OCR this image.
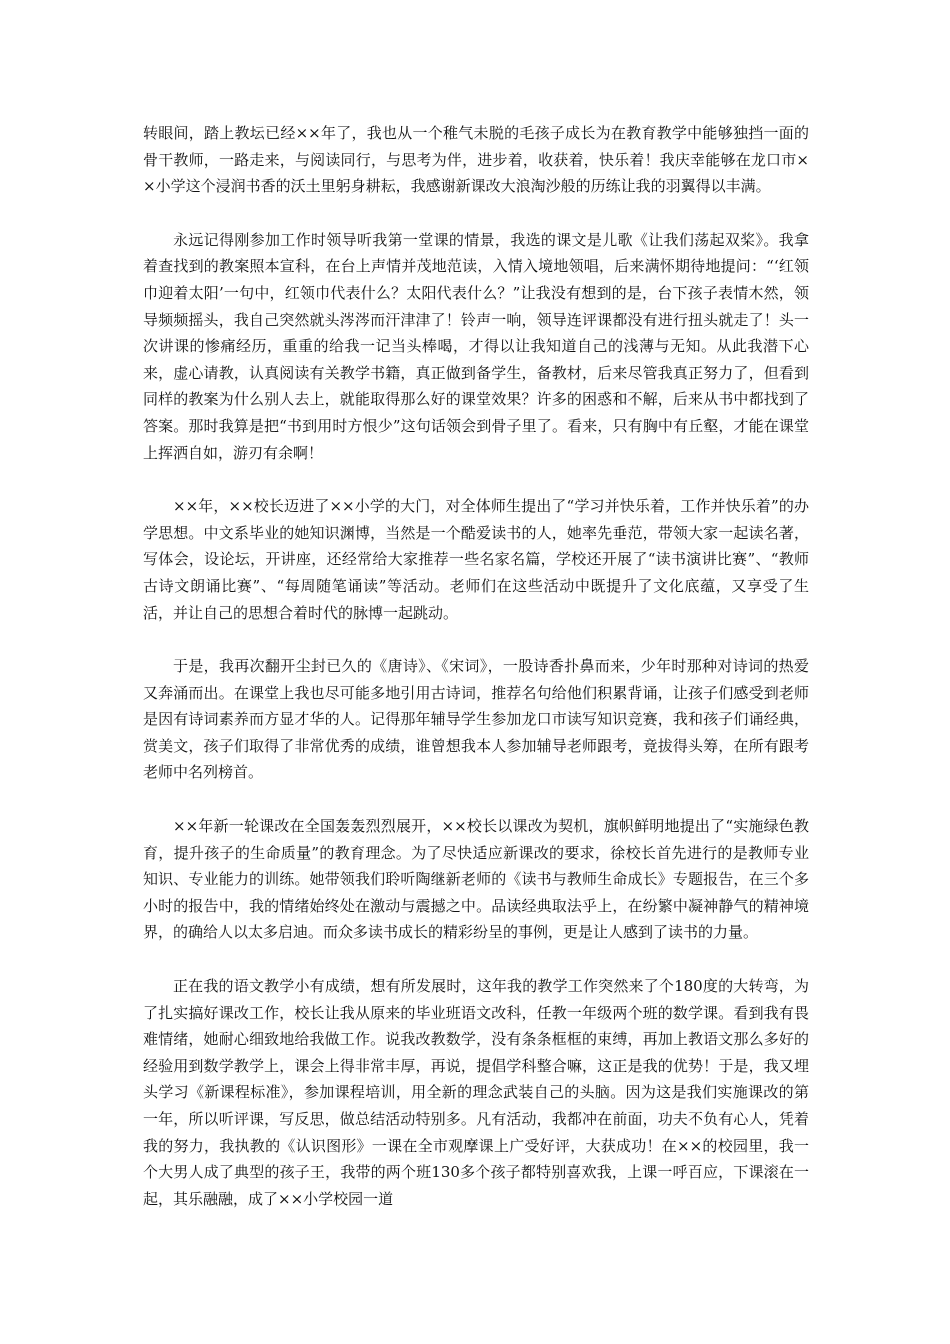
转眼间，踏上教坛已经××年了，我也从一个稚气未脱的毛孩子成长为在教育教学中能够独挡一面的骨干教师，一路走来，与阅读同行，与思考为伴，进步着，收获着，快乐着！我庆幸能够在龙口市××小学这个浸润书香的沃土里躬身耕耘，我感谢新课改大浪淘沙般的历练让我的羽翼得以丰满。

永远记得刚参加工作时领导听我第一堂课的情景，我选的课文是儿歌《让我们荡起双桨》。我拿着查找到的教案照本宣科，在台上声情并茂地范读，入情入境地领唱，后来满怀期待地提问：“‘红领巾迎着太阳’一句中，红领巾代表什么？太阳代表什么？”让我没有想到的是，台下孩子表情木然，领导频频摇头，我自己突然就头涔涔而汗津津了！铃声一响，领导连评课都没有进行扭头就走了！头一次讲课的惨痛经历，重重的给我一记当头棒喝，才得以让我知道自己的浅薄与无知。从此我潜下心来，虚心请教，认真阅读有关教学书籍，真正做到备学生，备教材，后来尽管我真正努力了，但看到同样的教案为什么别人去上，就能取得那么好的课堂效果？许多的困惑和不解，后来从书中都找到了答案。那时我算是把“书到用时方恨少”这句话领会到骨子里了。看来，只有胸中有丘壑，才能在课堂上挥洒自如，游刃有余啊！

××年，××校长迈进了××小学的大门，对全体师生提出了“学习并快乐着，工作并快乐着”的办学思想。中文系毕业的她知识渊博，当然是一个酷爱读书的人，她率先垂范，带领大家一起读名著，写体会，设论坛，开讲座，还经常给大家推荐一些名家名篇，学校还开展了“读书演讲比赛”、“教师古诗文朗诵比赛”、“每周随笔诵读”等活动。老师们在这些活动中既提升了文化底蕴，又享受了生活，并让自己的思想合着时代的脉博一起跳动。

于是，我再次翻开尘封已久的《唐诗》、《宋词》，一股诗香扑鼻而来，少年时那种对诗词的热爱又奔涌而出。在课堂上我也尽可能多地引用古诗词，推荐名句给他们积累背诵，让孩子们感受到老师是因有诗词素养而方显才华的人。记得那年辅导学生参加龙口市读写知识竞赛，我和孩子们诵经典，赏美文，孩子们取得了非常优秀的成绩，谁曾想我本人参加辅导老师跟考，竟拔得头筹，在所有跟考老师中名列榜首。

××年新一轮课改在全国轰轰烈烈展开，××校长以课改为契机，旗帜鲜明地提出了“实施绿色教育，提升孩子的生命质量”的教育理念。为了尽快适应新课改的要求，徐校长首先进行的是教师专业知识、专业能力的训练。她带领我们聆听陶继新老师的《读书与教师生命成长》专题报告，在三个多小时的报告中，我的情绪始终处在激动与震撼之中。品读经典取法乎上，在纷繁中凝神静气的精神境界，的确给人以太多启迪。而众多读书成长的精彩纷呈的事例，更是让人感到了读书的力量。

正在我的语文教学小有成绩，想有所发展时，这年我的教学工作突然来了个180度的大转弯，为了扎实搞好课改工作，校长让我从原来的毕业班语文改科，任教一年级两个班的数学课。看到我有畏难情绪，她耐心细致地给我做工作。说我改教数学，没有条条框框的束缚，再加上教语文那么多好的经验用到数学教学上，课会上得非常丰厚，再说，提倡学科整合嘛，这正是我的优势！于是，我又埋头学习《新课程标准》，参加课程培训，用全新的理念武装自己的头脑。因为这是我们实施课改的第一年，所以听评课，写反思，做总结活动特别多。凡有活动，我都冲在前面，功夫不负有心人，凭着我的努力，我执教的《认识图形》一课在全市观摩课上广受好评，大获成功！在××的校园里，我一个大男人成了典型的孩子王，我带的两个班130多个孩子都特别喜欢我，上课一呼百应，下课滚在一起，其乐融融，成了××小学校园一道
